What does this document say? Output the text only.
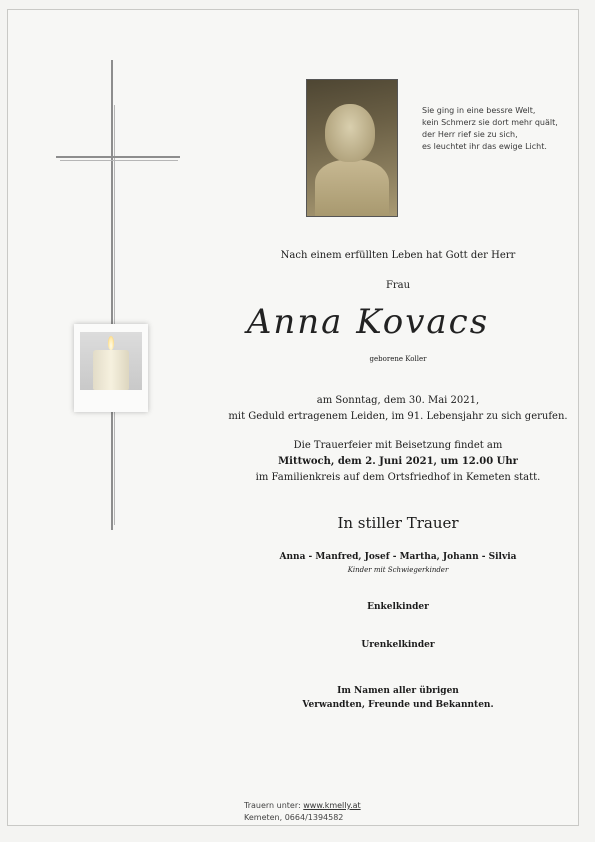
Sie ging in eine bessre Welt,
kein Schmerz sie dort mehr quält,
der Herr rief sie zu sich,
es leuchtet ihr das ewige Licht.
Nach einem erfüllten Leben hat Gott der Herr
Frau
Anna Kovacs
geborene Koller
am Sonntag, dem 30. Mai 2021,
mit Geduld ertragenem Leiden, im 91. Lebensjahr zu sich gerufen.
Die Trauerfeier mit Beisetzung findet am
Mittwoch, dem 2. Juni 2021, um 12.00 Uhr
im Familienkreis auf dem Ortsfriedhof in Kemeten statt.
In stiller Trauer
Anna - Manfred, Josef - Martha, Johann - Silvia
Kinder mit Schwiegerkinder
Enkelkinder
Urenkelkinder
Im Namen aller übrigen
Verwandten, Freunde und Bekannten.
Trauern unter: www.kmelly.at
Kemeten, 0664/1394582
